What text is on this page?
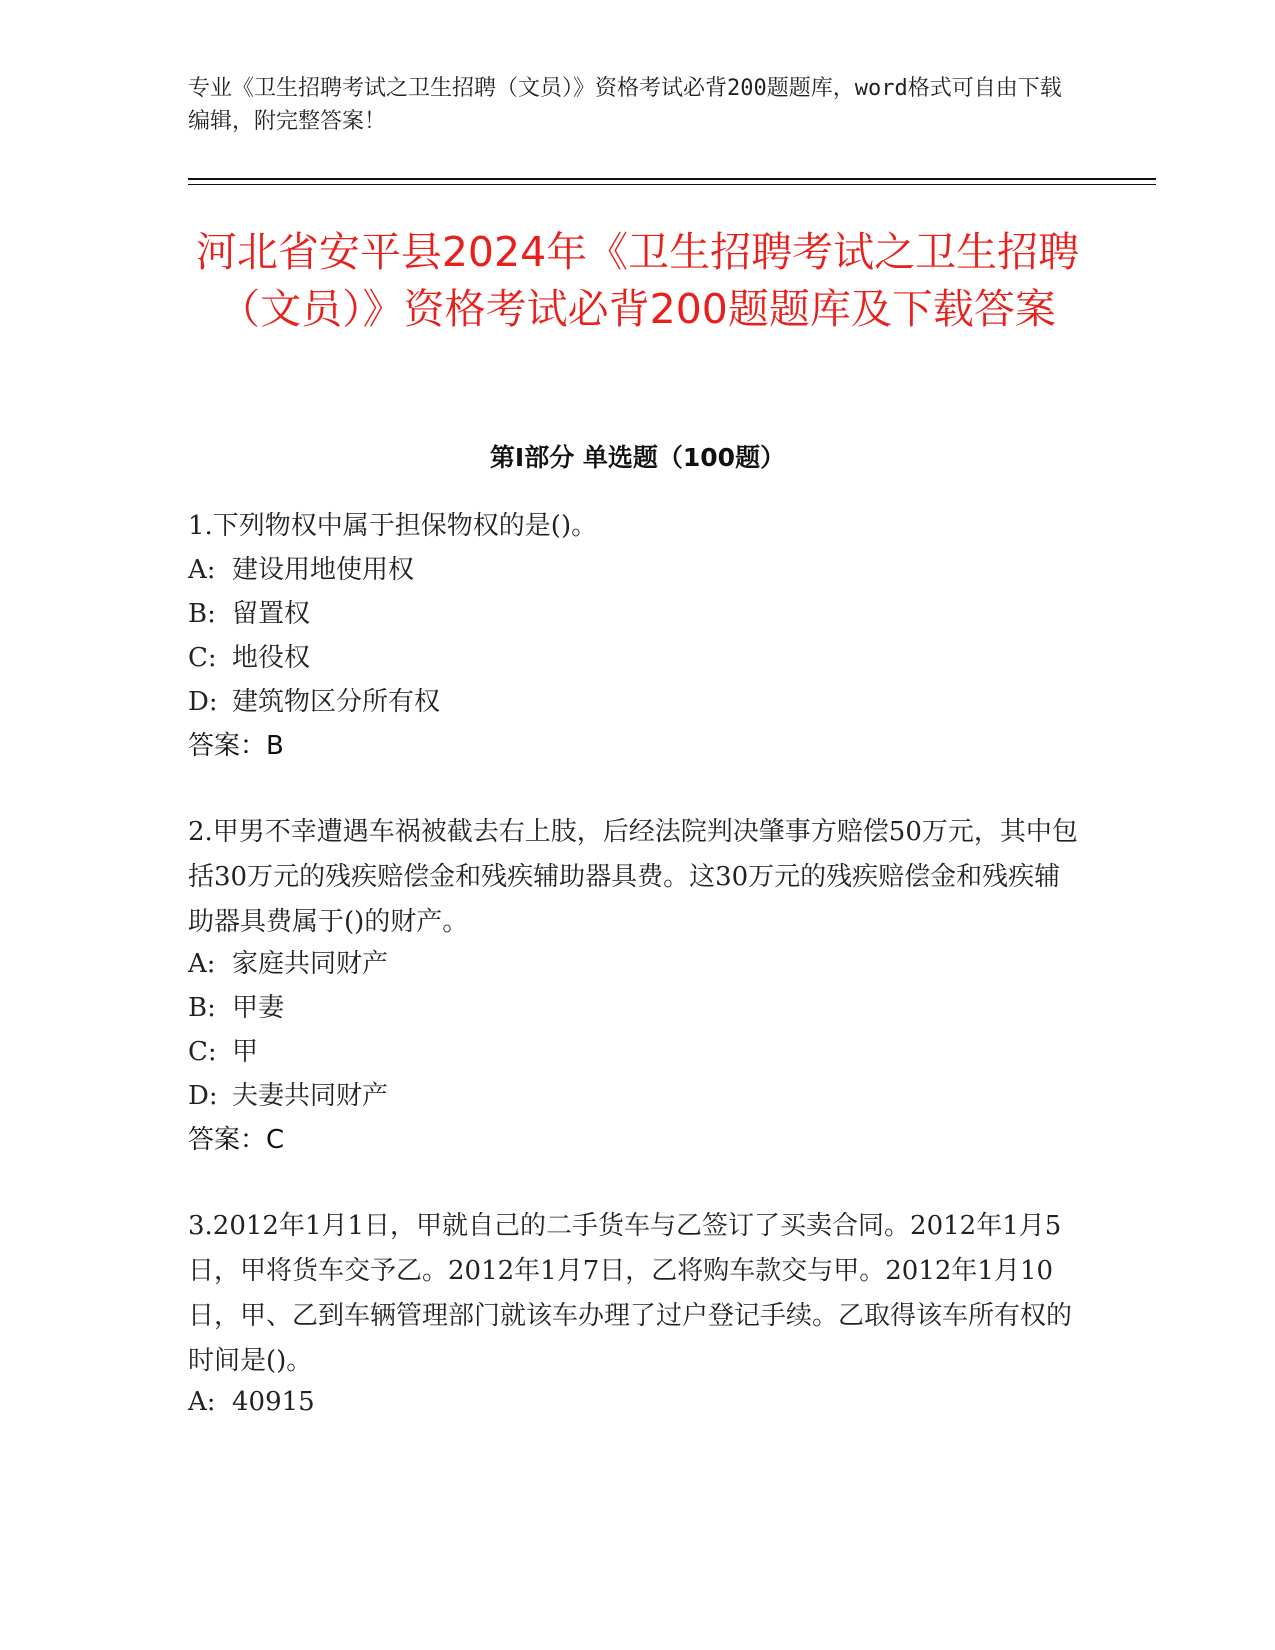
专业《卫生招聘考试之卫生招聘（文员）》资格考试必背200题题库，word格式可自由下载编辑，附完整答案！
河北省安平县2024年《卫生招聘考试之卫生招聘（文员）》资格考试必背200题题库及下载答案
第Ⅰ部分 单选题（100题）
1.下列物权中属于担保物权的是()。
A: 建设用地使用权
B: 留置权
C: 地役权
D: 建筑物区分所有权
答案：B
2.甲男不幸遭遇车祸被截去右上肢，后经法院判决肇事方赔偿50万元，其中包括30万元的残疾赔偿金和残疾辅助器具费。这30万元的残疾赔偿金和残疾辅助器具费属于()的财产。
A: 家庭共同财产
B: 甲妻
C: 甲
D: 夫妻共同财产
答案：C
3.2012年1月1日，甲就自己的二手货车与乙签订了买卖合同。2012年1月5日，甲将货车交予乙。2012年1月7日，乙将购车款交与甲。2012年1月10日，甲、乙到车辆管理部门就该车办理了过户登记手续。乙取得该车所有权的时间是()。
A: 40915
